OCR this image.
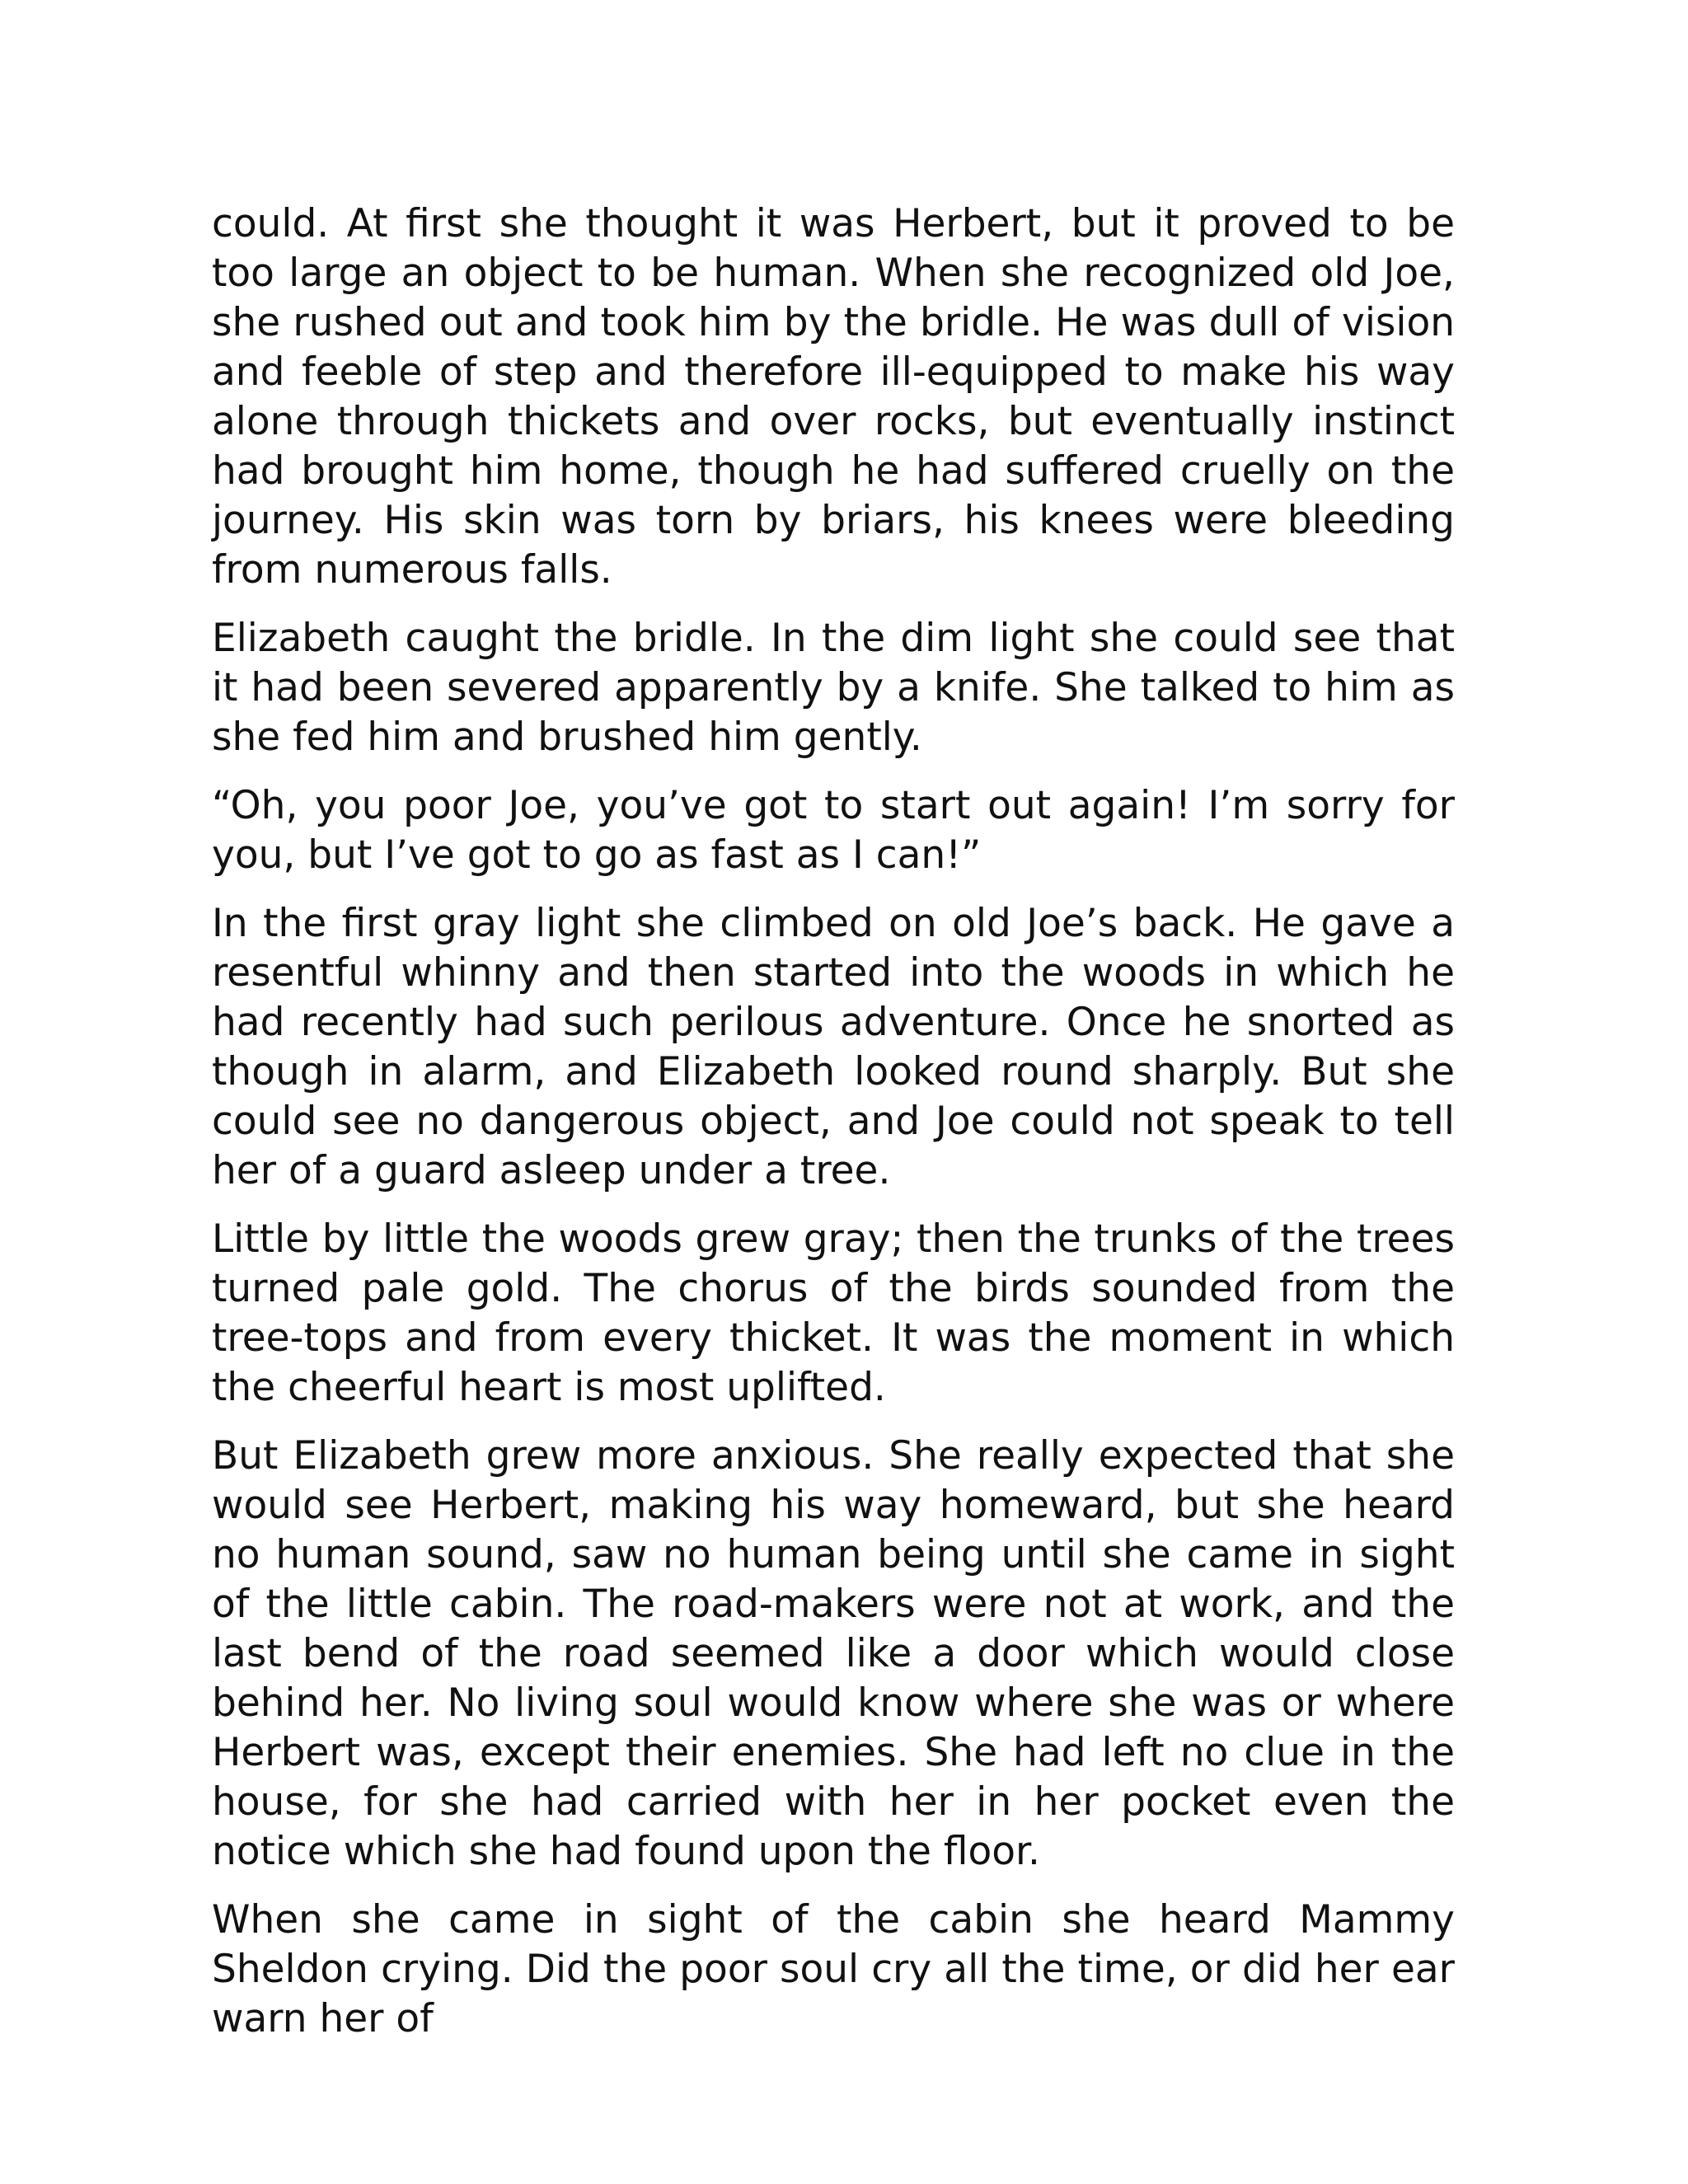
could. At first she thought it was Herbert, but it proved to be too large an object to be human. When she recognized old Joe, she rushed out and took him by the bridle. He was dull of vision and feeble of step and therefore ill-equipped to make his way alone through thickets and over rocks, but eventually instinct had brought him home, though he had suffered cruelly on the journey. His skin was torn by briars, his knees were bleeding from numerous falls.

Elizabeth caught the bridle. In the dim light she could see that it had been severed apparently by a knife. She talked to him as she fed him and brushed him gently.

“Oh, you poor Joe, you’ve got to start out again! I’m sorry for you, but I’ve got to go as fast as I can!”

In the first gray light she climbed on old Joe’s back. He gave a resentful whinny and then started into the woods in which he had recently had such perilous adventure. Once he snorted as though in alarm, and Elizabeth looked round sharply. But she could see no dangerous object, and Joe could not speak to tell her of a guard asleep under a tree.

Little by little the woods grew gray; then the trunks of the trees turned pale gold. The chorus of the birds sounded from the tree-tops and from every thicket. It was the moment in which the cheerful heart is most uplifted.

But Elizabeth grew more anxious. She really expected that she would see Herbert, making his way homeward, but she heard no human sound, saw no human being until she came in sight of the little cabin. The road-makers were not at work, and the last bend of the road seemed like a door which would close behind her. No living soul would know where she was or where Herbert was, except their enemies. She had left no clue in the house, for she had carried with her in her pocket even the notice which she had found upon the floor.

When she came in sight of the cabin she heard Mammy Sheldon crying. Did the poor soul cry all the time, or did her ear warn her of
